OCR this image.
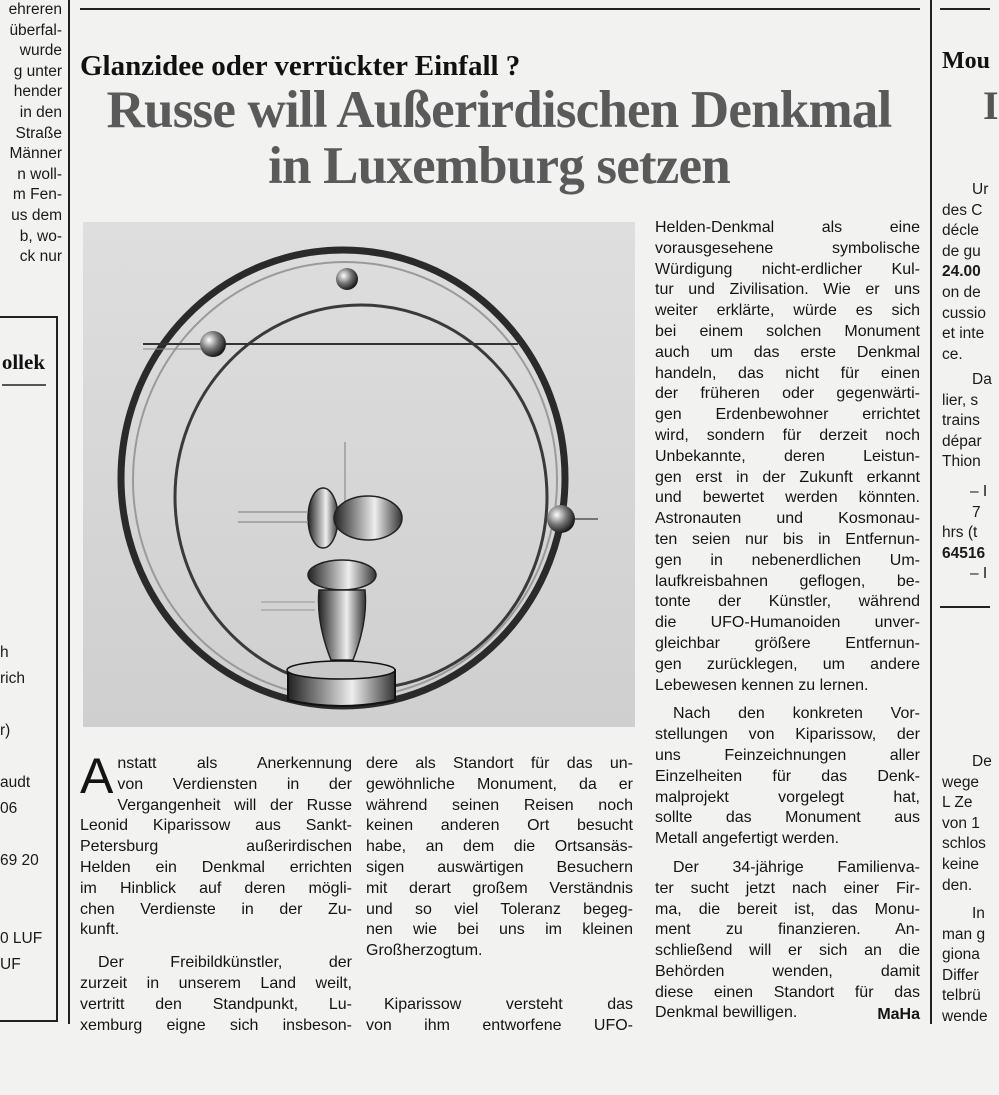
ehreren
überfal-
wurde
g unter
hender
in den
Straße
Männer
n woll-
m Fen-
us dem
b, wo-
ck nur
ollek
h
rich
r)
audt
06
69 20
0 LUF
UF
Glanzidee oder verrückter Einfall ?
Russe will Außerirdischen Denkmal
in Luxemburg setzen
A nstatt als Anerkennung
von Verdiensten in der
Vergangenheit will der Russe
Leonid Kiparissow aus Sankt-
Petersburg außerirdischen
Helden ein Denkmal errichten
im Hinblick auf deren mögli-
chen Verdienste in der Zu-
kunft.
Der Freibildkünstler, der
zurzeit in unserem Land weilt,
vertritt den Standpunkt, Lu-
xemburg eigne sich insbeson-
dere als Standort für das un-
gewöhnliche Monument, da er
während seinen Reisen noch
keinen anderen Ort besucht
habe, an dem die Ortsansäs-
sigen auswärtigen Besuchern
mit derart großem Verständnis
und so viel Toleranz begeg-
nen wie bei uns im kleinen
Großherzogtum.
Kiparissow versteht das
von ihm entworfene UFO-
Helden-Denkmal als eine
vorausgesehene symbolische
Würdigung nicht-erdlicher Kul-
tur und Zivilisation. Wie er uns
weiter erklärte, würde es sich
bei einem solchen Monument
auch um das erste Denkmal
handeln, das nicht für einen
der früheren oder gegenwärti-
gen Erdenbewohner errichtet
wird, sondern für derzeit noch
Unbekannte, deren Leistun-
gen erst in der Zukunft erkannt
und bewertet werden könnten.
Astronauten und Kosmonau-
ten seien nur bis in Entfernun-
gen in nebenerdlichen Um-
laufkreisbahnen geflogen, be-
tonte der Künstler, während
die UFO-Humanoiden unver-
gleichbar größere Entfernun-
gen zurücklegen, um andere
Lebewesen kennen zu lernen.
Nach den konkreten Vor-
stellungen von Kiparissow, der
uns Feinzeichnungen aller
Einzelheiten für das Denk-
malprojekt vorgelegt hat,
sollte das Monument aus
Metall angefertigt werden.
Der 34-jährige Familienva-
ter sucht jetzt nach einer Fir-
ma, die bereit ist, das Monu-
ment zu finanzieren. An-
schließend will er sich an die
Behörden wenden, damit
diese einen Standort für das
Denkmal bewilligen.	MaHa
Mou
I
Ur
des C
décle
de gu
24.00
on de
cussio
et inte
ce.
Da
lier, s
trains
dépar
Thion
– I
7
hrs (t
64516
– I
De
wege
L Ze
von 1
schlos
keine
den.
In
man g
giona
Differ
telbrü
wende
